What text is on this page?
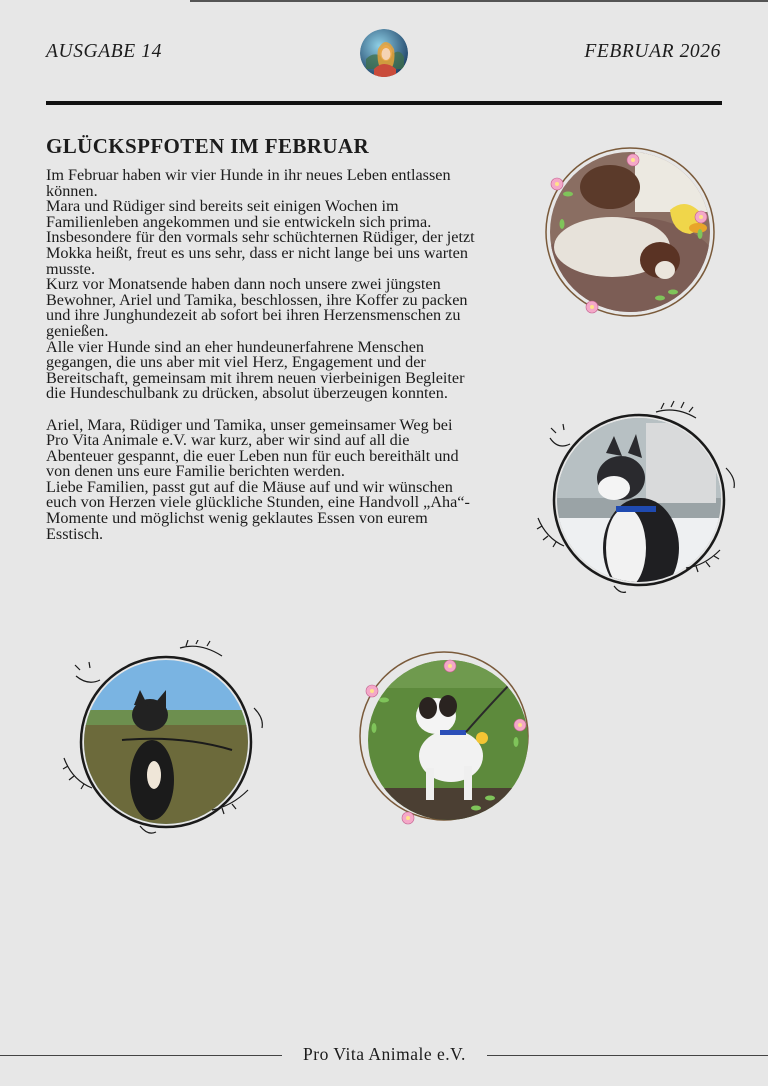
AUSGABE 14	FEBRUAR 2026
GLÜCKSPFOTEN IM FEBRUAR

Im Februar haben wir vier Hunde in ihr neues Leben entlassen können.

Mara und Rüdiger sind bereits seit einigen Wochen im Familienleben angekommen und sie entwickeln sich prima.

Insbesondere für den vormals sehr schüchternen Rüdiger, der jetzt Mokka heißt, freut es uns sehr, dass er nicht lange bei uns warten musste.

Kurz vor Monatsende haben dann noch unsere zwei jüngsten Bewohner, Ariel und Tamika, beschlossen, ihre Koffer zu packen und ihre Junghundezeit ab sofort bei ihren Herzensmenschen zu genießen.

Alle vier Hunde sind an eher hundeunerfahrene Menschen gegangen, die uns aber mit viel Herz, Engagement und der Bereitschaft, gemeinsam mit ihrem neuen vierbeinigen Begleiter die Hundeschulbank zu drücken, absolut überzeugen konnten.

Ariel, Mara, Rüdiger und Tamika, unser gemeinsamer Weg bei Pro Vita Animale e.V. war kurz, aber wir sind auf all die Abenteuer gespannt, die euer Leben nun für euch bereithält und von denen uns eure Familie berichten werden.

Liebe Familien, passt gut auf die Mäuse auf und wir wünschen euch von Herzen viele glückliche Stunden, eine Handvoll „Aha“-Momente und möglichst wenig geklautes Essen von eurem Esstisch.

Pro Vita Animale e.V.
